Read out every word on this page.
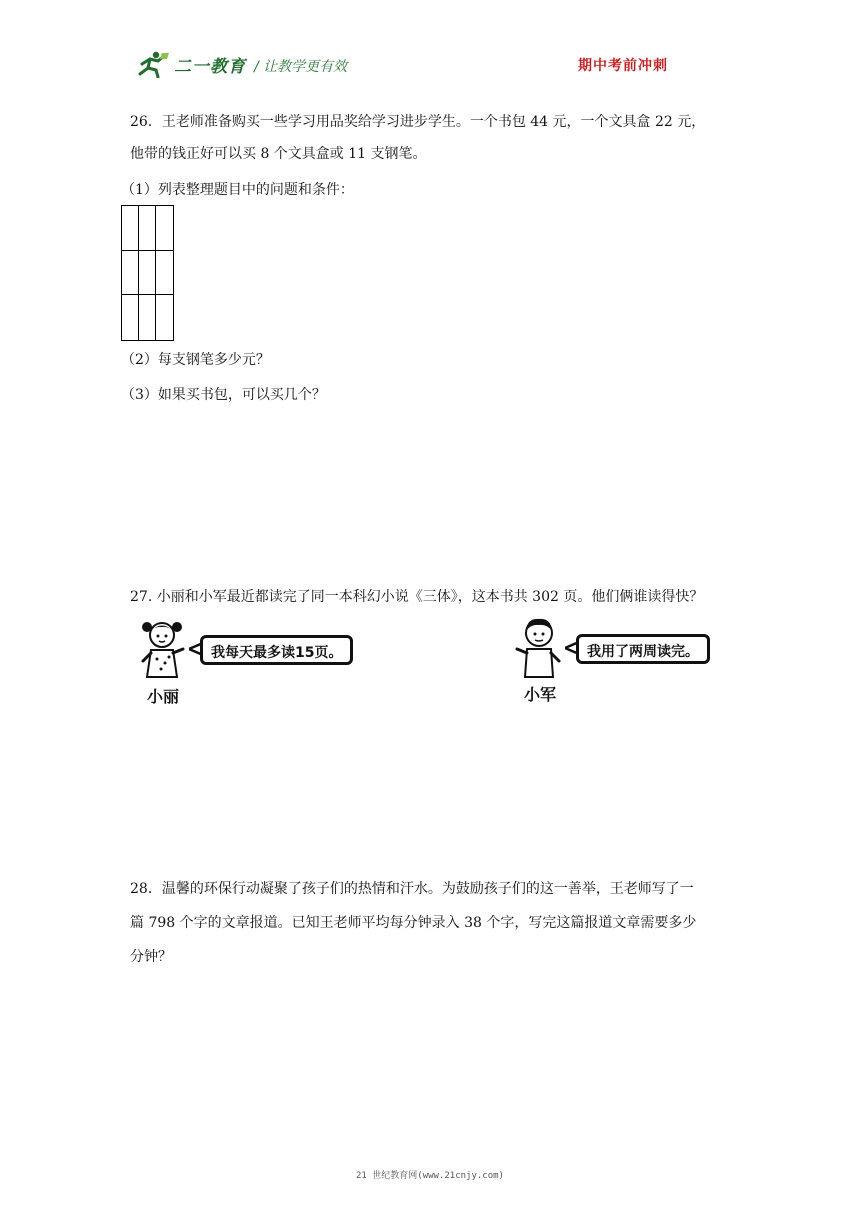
二一教育 / 让教学更有效	期中考前冲刺
26．王老师准备购买一些学习用品奖给学习进步学生。一个书包 44 元，一个文具盒 22 元，
他带的钱正好可以买 8 个文具盒或 11 支钢笔。
（1）列表整理题目中的问题和条件：
（2）每支钢笔多少元？
（3）如果买书包，可以买几个？
27. 小丽和小军最近都读完了同一本科幻小说《三体》，这本书共 302 页。他们俩谁读得快？
我每天最多读15页。
小丽
我用了两周读完。
小军
28．温馨的环保行动凝聚了孩子们的热情和汗水。为鼓励孩子们的这一善举，王老师写了一
篇 798 个字的文章报道。已知王老师平均每分钟录入 38 个字，写完这篇报道文章需要多少
分钟？
21 世纪教育网(www.21cnjy.com)
